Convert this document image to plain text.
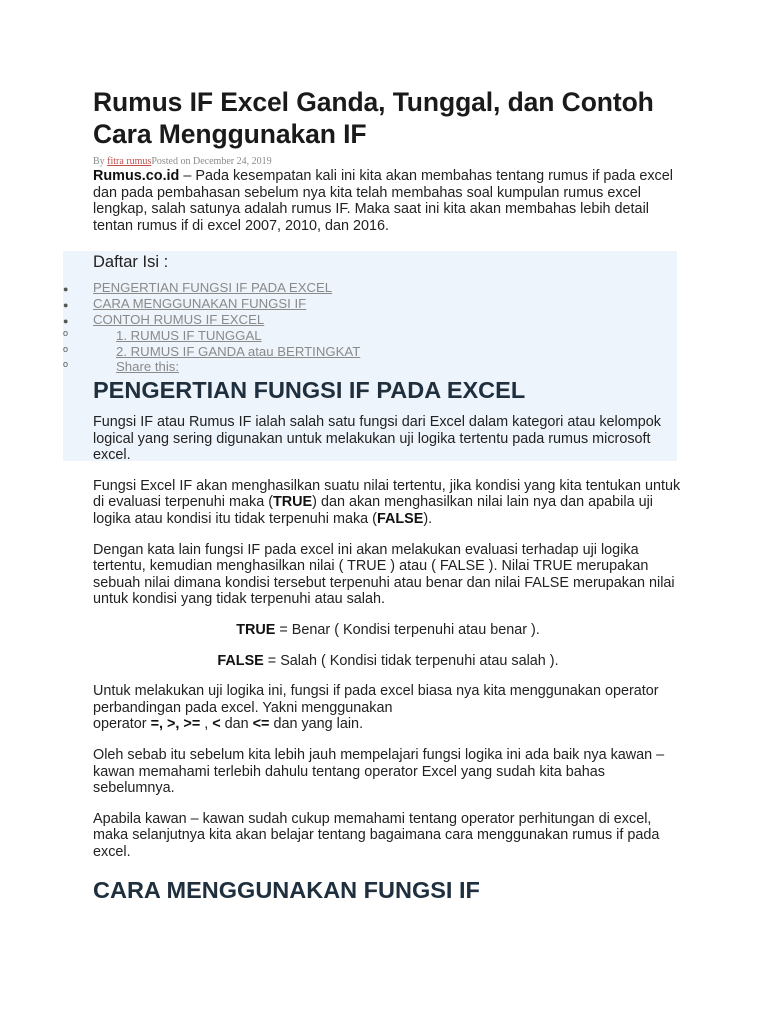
Rumus IF Excel Ganda, Tunggal, dan Contoh Cara Menggunakan IF
By fitra rumusPosted on December 24, 2019

Rumus.co.id – Pada kesempatan kali ini kita akan membahas tentang rumus if pada excel dan pada pembahasan sebelum nya kita telah membahas soal kumpulan rumus excel lengkap, salah satunya adalah rumus IF. Maka saat ini kita akan membahas lebih detail tentan rumus if di excel 2007, 2010, dan 2016.

Daftar Isi :
● PENGERTIAN FUNGSI IF PADA EXCEL
● CARA MENGGUNAKAN FUNGSI IF
● CONTOH RUMUS IF EXCEL
o	1. RUMUS IF TUNGGAL
o	2. RUMUS IF GANDA atau BERTINGKAT
o	Share this:
PENGERTIAN FUNGSI IF PADA EXCEL

Fungsi IF atau Rumus IF ialah salah satu fungsi dari Excel dalam kategori atau kelompok logical yang sering digunakan untuk melakukan uji logika tertentu pada rumus microsoft excel.

Fungsi Excel IF akan menghasilkan suatu nilai tertentu, jika kondisi yang kita tentukan untuk di evaluasi terpenuhi maka (TRUE) dan akan menghasilkan nilai lain nya dan apabila uji logika atau kondisi itu tidak terpenuhi maka (FALSE).

Dengan kata lain fungsi IF pada excel ini akan melakukan evaluasi terhadap uji logika tertentu, kemudian menghasilkan nilai ( TRUE ) atau ( FALSE ). Nilai TRUE merupakan sebuah nilai dimana kondisi tersebut terpenuhi atau benar dan nilai FALSE merupakan nilai untuk kondisi yang tidak terpenuhi atau salah.

TRUE = Benar ( Kondisi terpenuhi atau benar ).

FALSE = Salah ( Kondisi tidak terpenuhi atau salah ).

Untuk melakukan uji logika ini, fungsi if pada excel biasa nya kita menggunakan operator perbandingan pada excel. Yakni menggunakan
operator =, >, >= , < dan <= dan yang lain.

Oleh sebab itu sebelum kita lebih jauh mempelajari fungsi logika ini ada baik nya kawan – kawan memahami terlebih dahulu tentang operator Excel yang sudah kita bahas sebelumnya.

Apabila kawan – kawan sudah cukup memahami tentang operator perhitungan di excel, maka selanjutnya kita akan belajar tentang bagaimana cara menggunakan rumus if pada excel.

CARA MENGGUNAKAN FUNGSI IF
